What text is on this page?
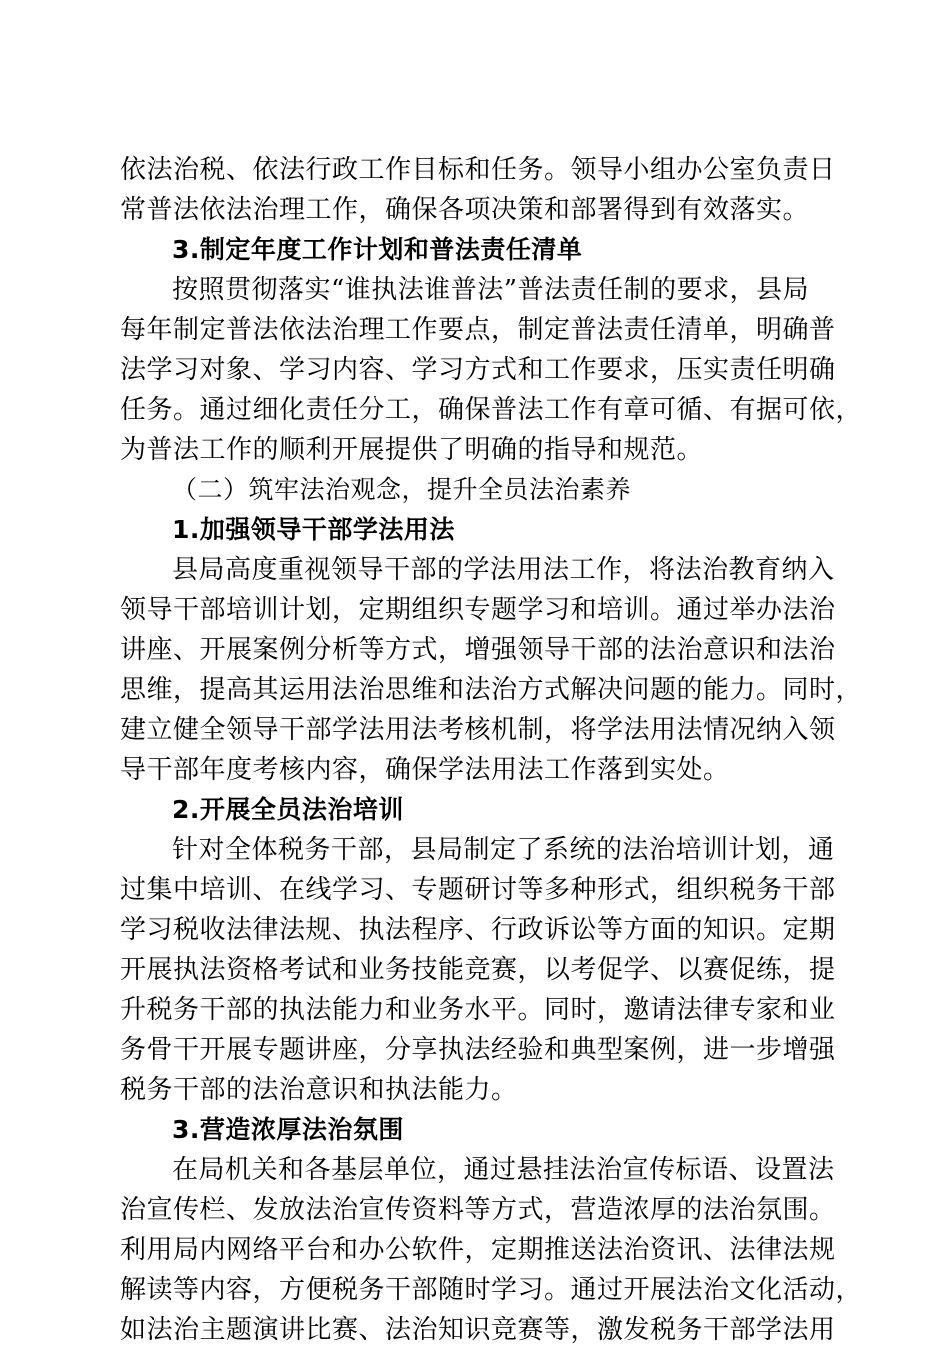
依法治税、依法行政工作目标和任务。领导小组办公室负责日
常普法依法治理工作，确保各项决策和部署得到有效落实。
3.制定年度工作计划和普法责任清单
按照贯彻落实“谁执法谁普法”普法责任制的要求，县局
每年制定普法依法治理工作要点，制定普法责任清单，明确普
法学习对象、学习内容、学习方式和工作要求，压实责任明确
任务。通过细化责任分工，确保普法工作有章可循、有据可依，
为普法工作的顺利开展提供了明确的指导和规范。
（二）筑牢法治观念，提升全员法治素养
1.加强领导干部学法用法
县局高度重视领导干部的学法用法工作，将法治教育纳入
领导干部培训计划，定期组织专题学习和培训。通过举办法治
讲座、开展案例分析等方式，增强领导干部的法治意识和法治
思维，提高其运用法治思维和法治方式解决问题的能力。同时，
建立健全领导干部学法用法考核机制，将学法用法情况纳入领
导干部年度考核内容，确保学法用法工作落到实处。
2.开展全员法治培训
针对全体税务干部，县局制定了系统的法治培训计划，通
过集中培训、在线学习、专题研讨等多种形式，组织税务干部
学习税收法律法规、执法程序、行政诉讼等方面的知识。定期
开展执法资格考试和业务技能竞赛，以考促学、以赛促练，提
升税务干部的执法能力和业务水平。同时，邀请法律专家和业
务骨干开展专题讲座，分享执法经验和典型案例，进一步增强
税务干部的法治意识和执法能力。
3.营造浓厚法治氛围
在局机关和各基层单位，通过悬挂法治宣传标语、设置法
治宣传栏、发放法治宣传资料等方式，营造浓厚的法治氛围。
利用局内网络平台和办公软件，定期推送法治资讯、法律法规
解读等内容，方便税务干部随时学习。通过开展法治文化活动，
如法治主题演讲比赛、法治知识竞赛等，激发税务干部学法用
